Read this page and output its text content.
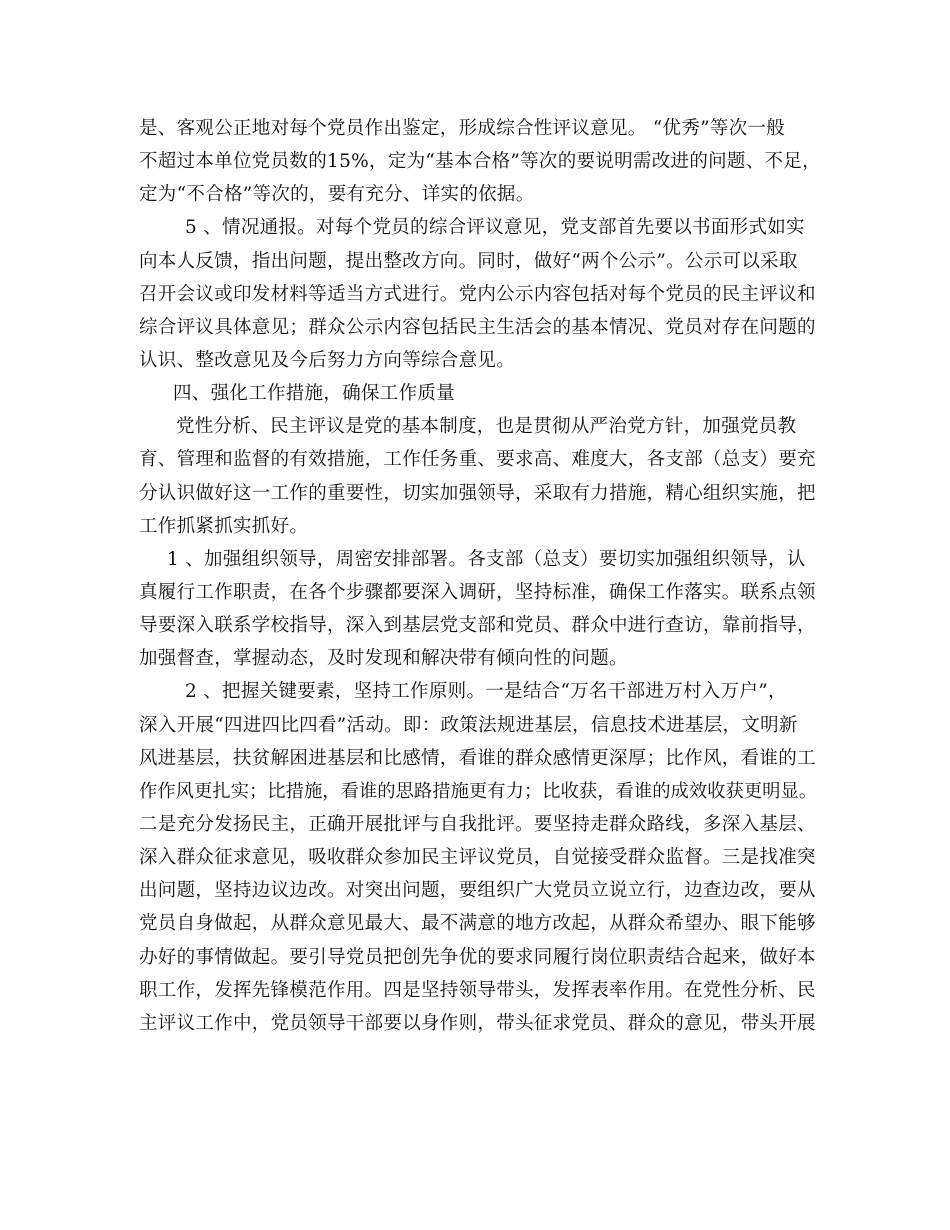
是、客观公正地对每个党员作出鉴定，形成综合性评议意见。 “优秀”等次一般
不超过本单位党员数的15%，定为“基本合格”等次的要说明需改进的问题、不足，
定为“不合格”等次的，要有充分、详实的依据。
5 、情况通报。对每个党员的综合评议意见，党支部首先要以书面形式如实
向本人反馈，指出问题，提出整改方向。同时，做好“两个公示”。公示可以采取
召开会议或印发材料等适当方式进行。党内公示内容包括对每个党员的民主评议和
综合评议具体意见；群众公示内容包括民主生活会的基本情况、党员对存在问题的
认识、整改意见及今后努力方向等综合意见。
四、强化工作措施，确保工作质量
党性分析、民主评议是党的基本制度，也是贯彻从严治党方针，加强党员教
育、管理和监督的有效措施，工作任务重、要求高、难度大，各支部（总支）要充
分认识做好这一工作的重要性，切实加强领导，采取有力措施，精心组织实施，把
工作抓紧抓实抓好。
1 、加强组织领导，周密安排部署。各支部（总支）要切实加强组织领导，认
真履行工作职责，在各个步骤都要深入调研，坚持标准，确保工作落实。联系点领
导要深入联系学校指导，深入到基层党支部和党员、群众中进行查访，靠前指导，
加强督查，掌握动态，及时发现和解决带有倾向性的问题。
2 、把握关键要素，坚持工作原则。一是结合“万名干部进万村入万户”，
深入开展“四进四比四看”活动。即：政策法规进基层，信息技术进基层，文明新
风进基层，扶贫解困进基层和比感情，看谁的群众感情更深厚；比作风，看谁的工
作作风更扎实；比措施，看谁的思路措施更有力；比收获，看谁的成效收获更明显。
二是充分发扬民主，正确开展批评与自我批评。要坚持走群众路线，多深入基层、
深入群众征求意见，吸收群众参加民主评议党员，自觉接受群众监督。三是找准突
出问题，坚持边议边改。对突出问题，要组织广大党员立说立行，边查边改，要从
党员自身做起，从群众意见最大、最不满意的地方改起，从群众希望办、眼下能够
办好的事情做起。要引导党员把创先争优的要求同履行岗位职责结合起来，做好本
职工作，发挥先锋模范作用。四是坚持领导带头，发挥表率作用。在党性分析、民
主评议工作中，党员领导干部要以身作则，带头征求党员、群众的意见，带头开展
